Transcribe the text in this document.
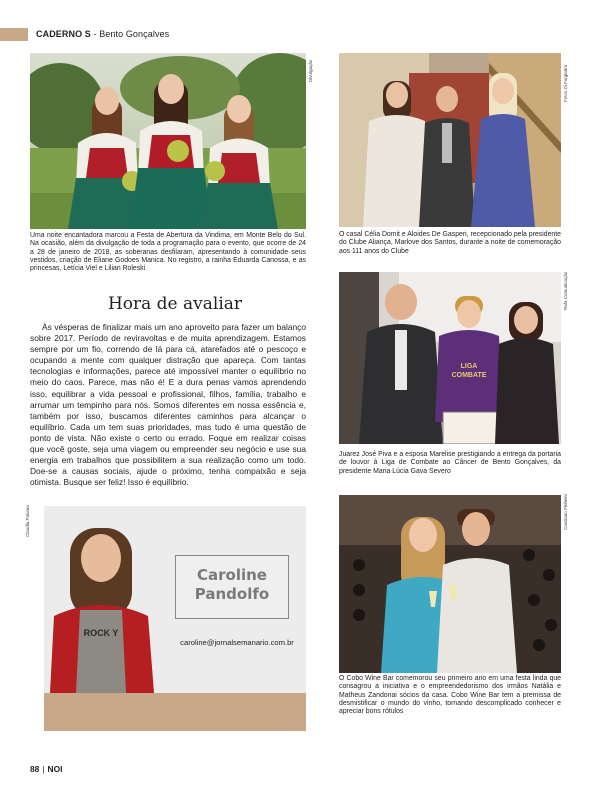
CADERNO S - Bento Gonçalves
Divulgação

Uma noite encantadora marcou a Festa de Abertura da Vindima, em Monte Belo do Sul. Na ocasião, além da divulgação de toda a programação para o evento, que ocorre de 24 a 28 de janeiro de 2018, as soberanas desfilaram, apresentando à comunidade seus vestidos, criação de Eliane Godoes Manica. No registro, a rainha Eduarda Canossa, e as princesas, Letícia Viel e Lilian Roleski

Fotos Di Forgiarini

O casal Célia Domit e Aloides De Gasperi, recepcionado pela presidente do Clube Aliança, Marlove dos Santos, durante a noite de comemoração aos 111 anos do Clube

LIGA COMBATE
Rafa Comunicação

Juarez José Piva e a esposa Marelise prestigiando a entrega da portaria de louvor à Liga de Combate ao Câncer de Bento Gonçalves, da presidente Maria Lúcia Gava Severo

Cassiano Pinheiro

O Cobo Wine Bar comemorou seu primeiro ano em uma festa linda que consagrou a iniciativa e o empreendedorismo dos irmãos Natália e Matheus Zandonai sócios da casa. Cobo Wine Bar tem a premissa de desmistificar o mundo do vinho, tornando descomplicado conhecer e apreciar bons rótulos

Hora de avaliar

Às vésperas de finalizar mais um ano aproveito para fazer um balanço sobre 2017. Período de reviravoltas e de muita aprendizagem. Estamos sempre por um fio, correndo de lá para cá, atarefados até o pescoço e ocupando a mente com qualquer distração que apareça. Com tantas tecnologias e informações, parece até impossível manter o equilíbrio no meio do caos. Parece, mas não é! E a dura penas vamos aprendendo isso, equilibrar a vida pessoal e profissional, filhos, família, trabalho e arrumar um tempinho para nós. Somos diferentes em nossa essência e, também por isso, buscamos diferentes caminhos para alcançar o equilíbrio. Cada um tem suas prioridades, mas tudo é uma questão de ponto de vista. Não existe o certo ou errado. Foque em realizar coisas que você goste, seja uma viagem ou empreender seu negócio e use sua energia em trabalhos que possibilitem a sua realização como um todo. Doe-se a causas sociais, ajude o próximo, tenha compaixão e seja otimista. Busque ser feliz! Isso é equilíbrio.

ROCK Y
Claudia Paluma
Caroline
Pandolfo
caroline@jornalsemanario.com.br
88 | NOI
